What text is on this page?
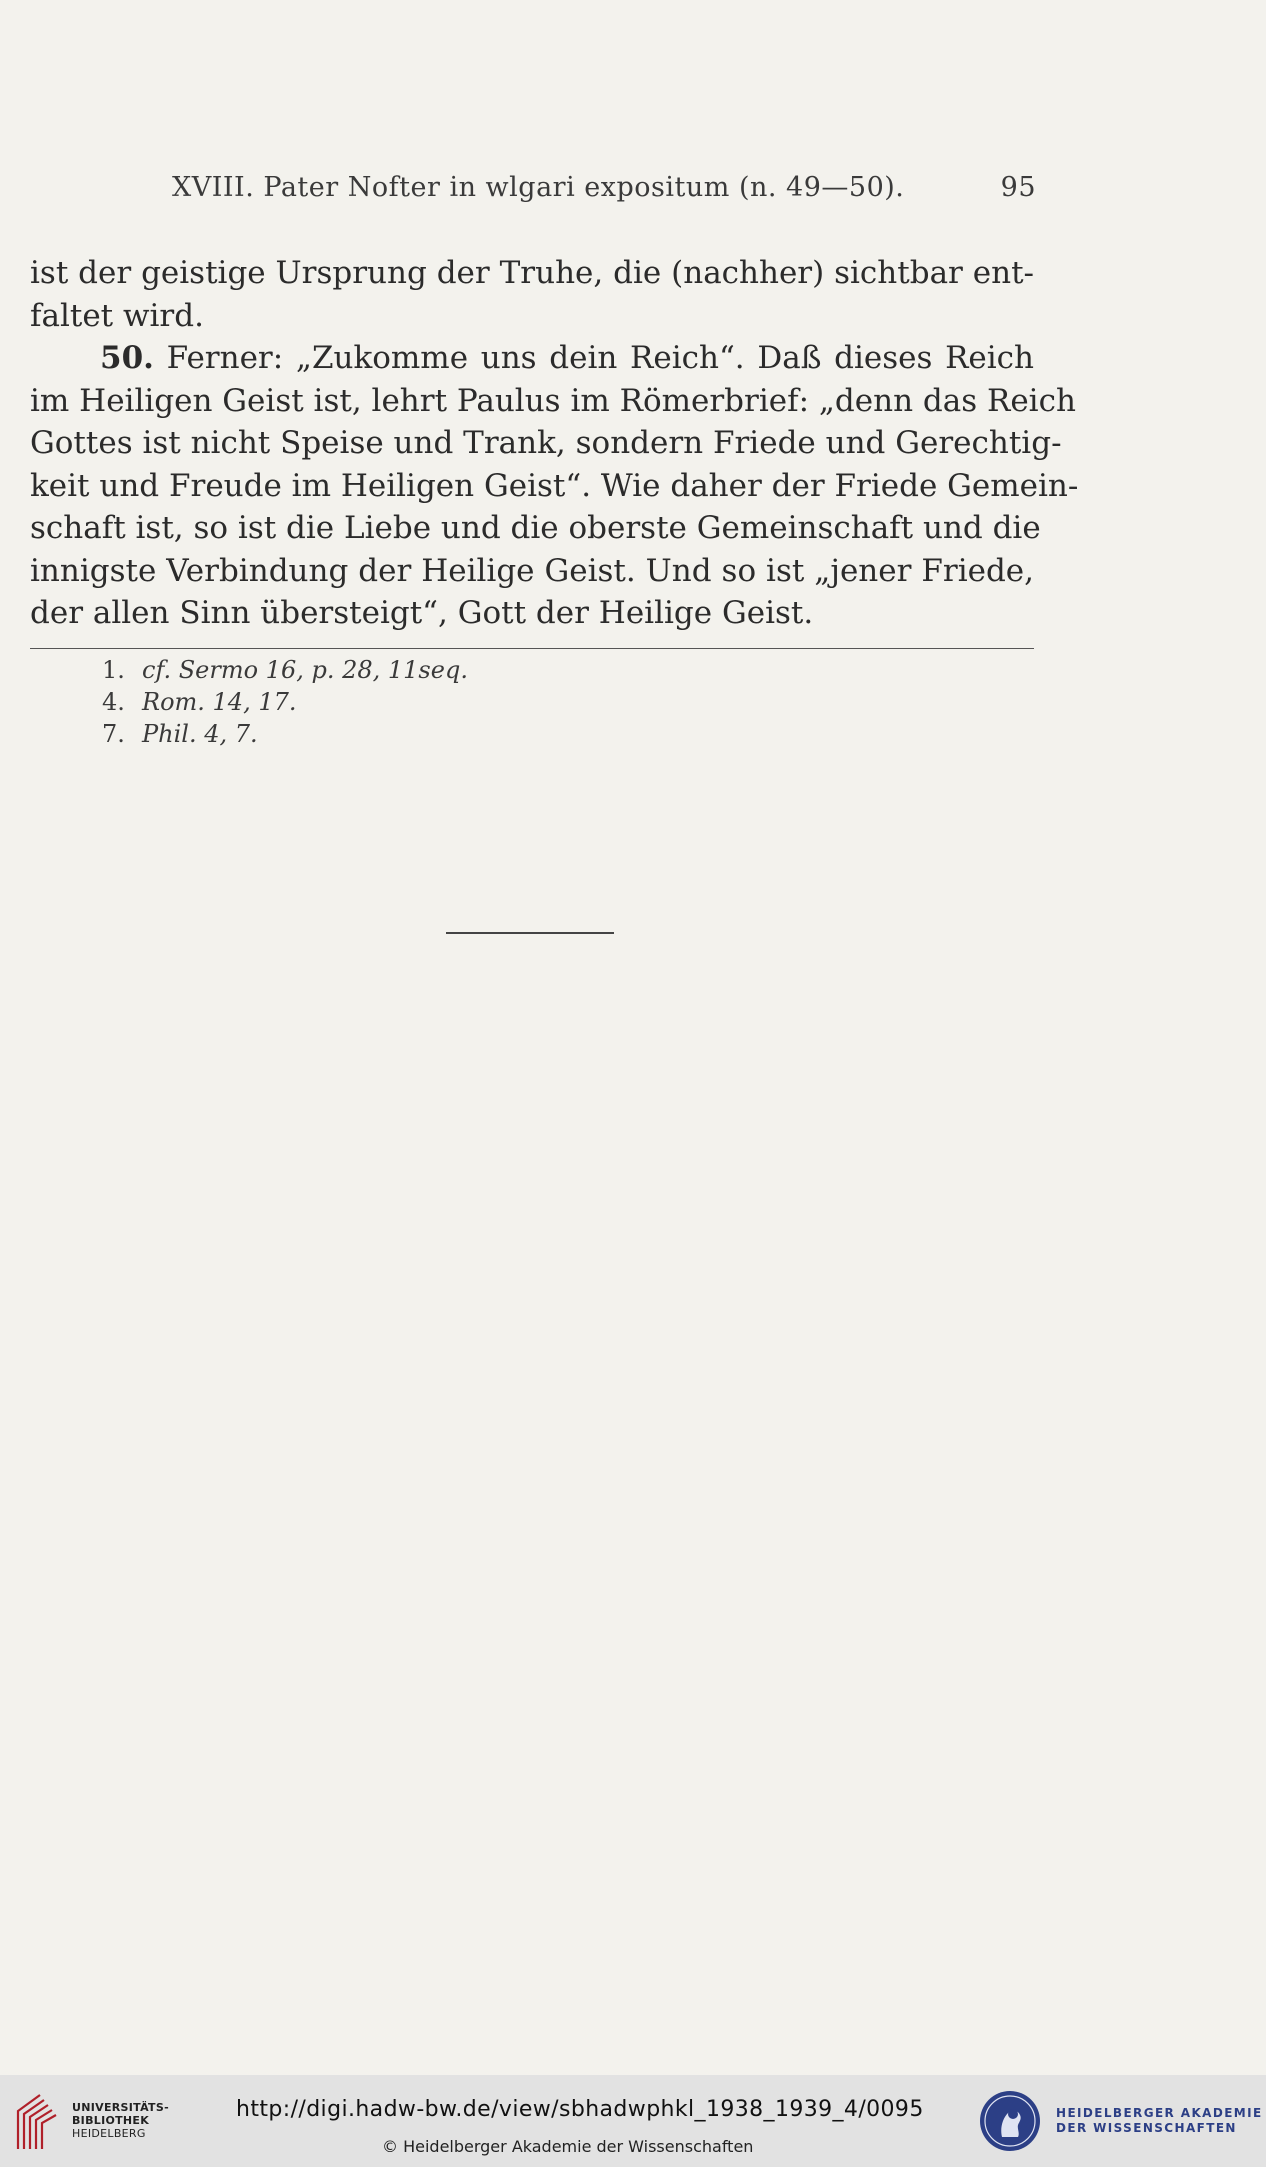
XVIII. Pater Nofter in wlgari expositum (n. 49—50).	95
ist der geistige Ursprung der Truhe, die (nachher) sichtbar ent-
faltet wird.
50. Ferner: „Zukomme uns dein Reich“. Daß dieses Reich
im Heiligen Geist ist, lehrt Paulus im Römerbrief: „denn das Reich
Gottes ist nicht Speise und Trank, sondern Friede und Gerechtig-
keit und Freude im Heiligen Geist“. Wie daher der Friede Gemein-
schaft ist, so ist die Liebe und die oberste Gemeinschaft und die
innigste Verbindung der Heilige Geist. Und so ist „jener Friede,
der allen Sinn übersteigt“, Gott der Heilige Geist.
1. cf. Sermo 16, p. 28, 11seq.
4. Rom. 14, 17.
7. Phil. 4, 7.
UNIVERSITÄTS-
BIBLIOTHEK
HEIDELBERG
http://digi.hadw-bw.de/view/sbhadwphkl_1938_1939_4/0095
© Heidelberger Akademie der Wissenschaften
HEIDELBERGER AKADEMIE
DER WISSENSCHAFTEN
